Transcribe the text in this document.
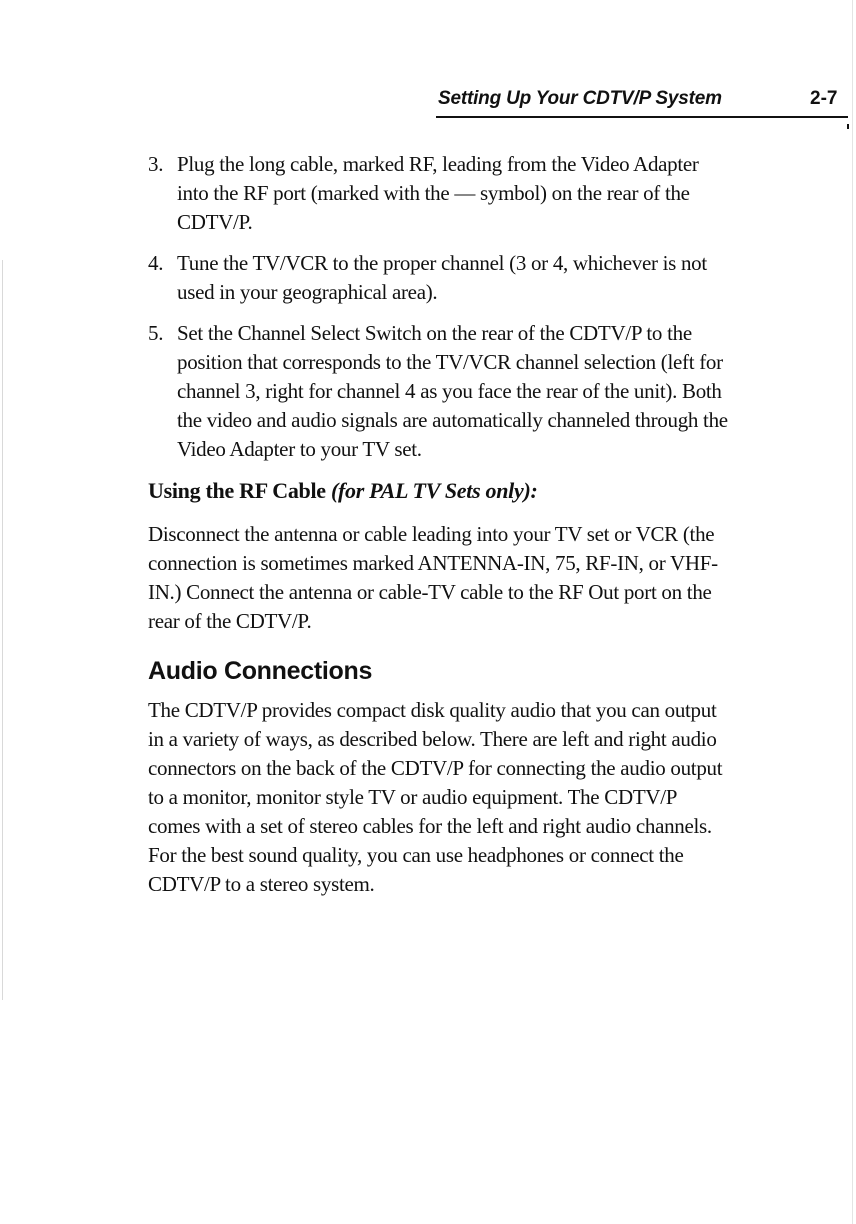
Setting Up Your CDTV/P System	2-7
3. Plug the long cable, marked RF, leading from the Video Adapter into the RF port (marked with the — symbol) on the rear of the CDTV/P.
4. Tune the TV/VCR to the proper channel (3 or 4, whichever is not used in your geographical area).
5. Set the Channel Select Switch on the rear of the CDTV/P to the position that corresponds to the TV/VCR channel selection (left for channel 3, right for channel 4 as you face the rear of the unit). Both the video and audio signals are automatically channeled through the Video Adapter to your TV set.
Using the RF Cable (for PAL TV Sets only):

Disconnect the antenna or cable leading into your TV set or VCR (the connection is sometimes marked ANTENNA-IN, 75, RF-IN, or VHF-IN.) Connect the antenna or cable-TV cable to the RF Out port on the rear of the CDTV/P.

Audio Connections

The CDTV/P provides compact disk quality audio that you can output in a variety of ways, as described below. There are left and right audio connectors on the back of the CDTV/P for connecting the audio output to a monitor, monitor style TV or audio equipment. The CDTV/P comes with a set of stereo cables for the left and right audio channels. For the best sound quality, you can use headphones or connect the CDTV/P to a stereo system.
